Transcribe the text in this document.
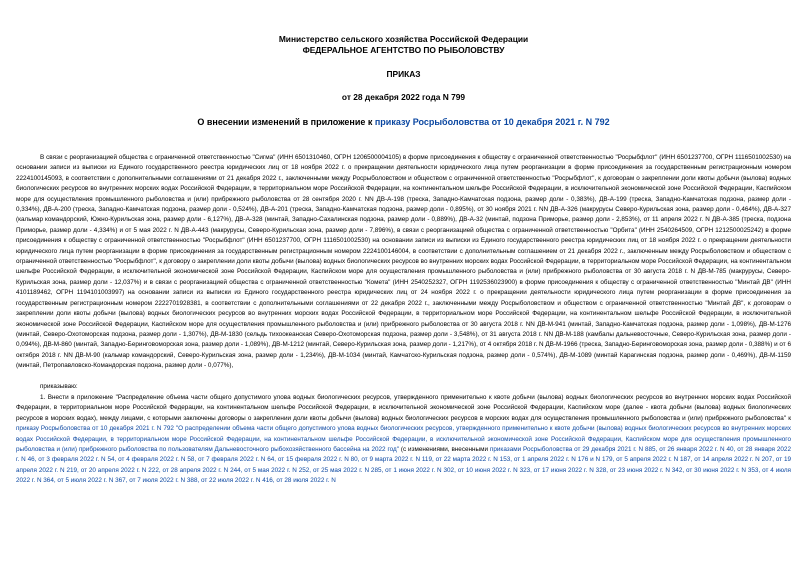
Министерство сельского хозяйства Российской Федерации
ФЕДЕРАЛЬНОЕ АГЕНТСТВО ПО РЫБОЛОВСТВУ
ПРИКАЗ
от 28 декабря 2022 года N 799
О внесении изменений в приложение к приказу Росрыболовства от 10 декабря 2021 г. N 792

В связи с реорганизацией общества с ограниченной ответственностью "Сигма" (ИНН 6501310460, ОГРН 1206500004105) в форме присоединения к обществу с ограниченной ответственностью "Росрыбфлот" (ИНН 6501237700, ОГРН 1116501002530) на основании записи из выписки из Единого государственного реестра юридических лиц от 18 ноября 2022 г. о прекращении деятельности юридического лица путем реорганизации в форме присоединения за государственным регистрационным номером 2224100145093, в соответствии с дополнительными соглашениями от 21 декабря 2022 г., заключенными между Росрыболовством и обществом с ограниченной ответственностью "Росрыбфлот", к договорам о закреплении доли квоты добычи (вылова) водных биологических ресурсов во внутренних морских водах Российской Федерации, в территориальном море Российской Федерации, на континентальном шельфе Российской Федерации, в исключительной экономической зоне Российской Федерации, Каспийском море для осуществления промышленного рыболовства и (или) прибрежного рыболовства от 28 сентября 2020 г. NN ДВ-А-198 (треска, Западно-Камчатская подзона, размер доли - 0,383%), ДВ-А-199 (треска, Западно-Камчатская подзона, размер доли - 0,334%), ДВ-А-200 (треска, Западно-Камчатская подзона, размер доли - 0,524%), ДВ-А-201 (треска, Западно-Камчатская подзона, размер доли - 0,895%), от 30 ноября 2021 г. NN ДВ-А-326 (макрурусы Северо-Курильская зона, размер доли - 0,464%), ДВ-А-327 (кальмар командорский, Южно-Курильская зона, размер доли - 6,127%), ДВ-А-328 (минтай, Западно-Сахалинская подзона, размер доли - 0,889%), ДВ-А-32 (минтай, подзона Приморье, размер доли - 2,853%), от 11 апреля 2022 г. N ДВ-А-385 (треска, подзона Приморье, размер доли - 4,334%) и от 5 мая 2022 г. N ДВ-А-443 (макрурусы, Северо-Курильская зона, размер доли - 7,896%), в связи с реорганизацией общества с ограниченной ответственностью "Орбита" (ИНН 2540264509, ОГРН 1212500025242) в форме присоединения к обществу с ограниченной ответственностью "Росрыбфлот" (ИНН 6501237700, ОГРН 1116501002530) на основании записи из выписки из Единого государственного реестра юридических лиц от 18 ноября 2022 г. о прекращении деятельности юридического лица путем реорганизации в форме присоединения за государственным регистрационным номером 2224100146004, в соответствии с дополнительным соглашением от 21 декабря 2022 г., заключенным между Росрыболовством и обществом с ограниченной ответственностью "Росрыбфлот", к договору о закреплении доли квоты добычи (вылова) водных биологических ресурсов во внутренних морских водах Российской Федерации, в территориальном море Российской Федерации, на континентальном шельфе Российской Федерации, в исключительной экономической зоне Российской Федерации, Каспийском море для осуществления промышленного рыболовства и (или) прибрежного рыболовства от 30 августа 2018 г. N ДВ-М-785 (макрурусы, Северо-Курильская зона, размер доли - 12,037%) и в связи с реорганизацией общества с ограниченной ответственностью "Комета" (ИНН 2540252327, ОГРН 1192536023900) в форме присоединения к обществу с ограниченной ответственностью "Минтай ДВ" (ИНН 4101189462, ОГРН 1194101003997) на основании записи из выписки из Единого государственного реестра юридических лиц от 24 ноября 2022 г. о прекращении деятельности юридического лица путем реорганизации в форме присоединения за государственным регистрационным номером 2222701928381, в соответствии с дополнительными соглашениями от 22 декабря 2022 г., заключенными между Росрыболовством и обществом с ограниченной ответственностью "Минтай ДВ", к договорам о закреплении доли квоты добычи (вылова) водных биологических ресурсов во внутренних морских водах Российской Федерации, в территориальном море Российской Федерации, на континентальном шельфе Российской Федерации, в исключительной экономической зоне Российской Федерации, Каспийском море для осуществления промышленного рыболовства и (или) прибрежного рыболовства от 30 августа 2018 г. NN ДВ-М-941 (минтай, Западно-Камчатская подзона, размер доли - 1,098%), ДВ-М-1276 (минтай, Северо-Охотоморская подзона, размер доли - 1,307%), ДВ-М-1830 (сельдь тихоокеанская Северо-Охотоморская подзона, размер доли - 3,548%), от 31 августа 2018 г. NN ДВ-М-188 (камбалы дальневосточные, Северо-Курильская зона, размер доли - 0,094%), ДВ-М-860 (минтай, Западно-Беринговоморская зона, размер доли - 1,089%), ДВ-М-1212 (минтай, Северо-Курильская зона, размер доли - 1,217%), от 4 октября 2018 г. N ДВ-М-1966 (треска, Западно-Беринговоморская зона, размер доли - 0,388%) и от 6 октября 2018 г. NN ДВ-М-90 (кальмар командорский, Северо-Курильская зона, размер доли - 1,234%), ДВ-М-1034 (минтай, Камчатско-Курильская подзона, размер доли - 0,574%), ДВ-М-1089 (минтай Карагинская подзона, размер доли - 0,469%), ДВ-М-1159 (минтай, Петропавловско-Командорская подзона, размер доли - 0,077%),

приказываю:

1. Внести в приложение "Распределение объема части общего допустимого улова водных биологических ресурсов, утвержденного применительно к квоте добычи (вылова) водных биологических ресурсов во внутренних морских водах Российской Федерации, в территориальном море Российской Федерации, на континентальном шельфе Российской Федерации, в исключительной экономической зоне Российской Федерации, Каспийском море (далее - квота добычи (вылова) водных биологических ресурсов в морских водах), между лицами, с которыми заключены договоры о закреплении доли квоты добычи (вылова) водных биологических ресурсов в морских водах для осуществления промышленного рыболовства и (или) прибрежного рыболовства" к приказу Росрыболовства от 10 декабря 2021 г. N 792 "О распределении объема части общего допустимого улова водных биологических ресурсов, утвержденного применительно к квоте добычи (вылова) водных биологических ресурсов во внутренних морских водах Российской Федерации, в территориальном море Российской Федерации, на континентальном шельфе Российской Федерации, в исключительной экономической зоне Российской Федерации, Каспийском море для осуществления промышленного рыболовства и (или) прибрежного рыболовства по пользователям Дальневосточного рыбохозяйственного бассейна на 2022 год" (с изменениями, внесенными приказами Росрыболовства от 29 декабря 2021 г. N 885, от 26 января 2022 г. N 40, от 28 января 2022 г. N 46, от 3 февраля 2022 г. N 54, от 4 февраля 2022 г. N 58, от 7 февраля 2022 г. N 64, от 15 февраля 2022 г. N 80, от 9 марта 2022 г. N 119, от 22 марта 2022 г. N 153, от 1 апреля 2022 г. N 176 и N 179, от 5 апреля 2022 г. N 187, от 14 апреля 2022 г. N 207, от 19 апреля 2022 г. N 219, от 20 апреля 2022 г. N 222, от 28 апреля 2022 г. N 244, от 5 мая 2022 г. N 252, от 25 мая 2022 г. N 285, от 1 июня 2022 г. N 302, от 10 июня 2022 г. N 323, от 17 июня 2022 г. N 328, от 23 июня 2022 г. N 342, от 30 июня 2022 г. N 353, от 4 июля 2022 г. N 364, от 5 июля 2022 г. N 367, от 7 июля 2022 г. N 388, от 22 июля 2022 г. N 416, от 28 июля 2022 г. N
